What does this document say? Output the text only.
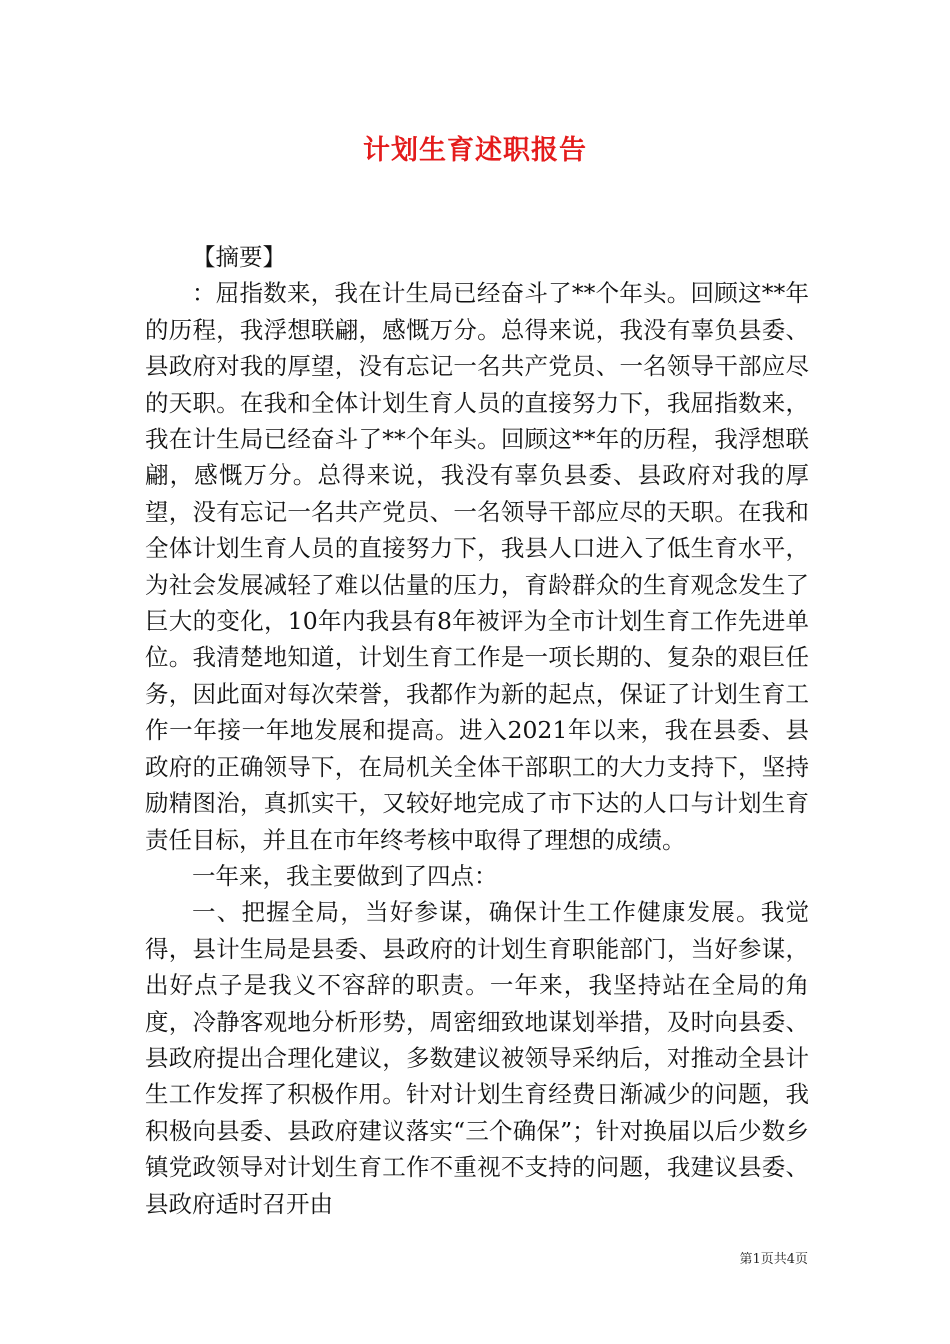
计划生育述职报告

【摘要】

：屈指数来，我在计生局已经奋斗了**个年头。回顾这**年的历程，我浮想联翩，感慨万分。总得来说，我没有辜负县委、县政府对我的厚望，没有忘记一名共产党员、一名领导干部应尽的天职。在我和全体计划生育人员的直接努力下，我屈指数来，我在计生局已经奋斗了**个年头。回顾这**年的历程，我浮想联翩，感慨万分。总得来说，我没有辜负县委、县政府对我的厚望，没有忘记一名共产党员、一名领导干部应尽的天职。在我和全体计划生育人员的直接努力下，我县人口进入了低生育水平，为社会发展减轻了难以估量的压力，育龄群众的生育观念发生了巨大的变化，10年内我县有8年被评为全市计划生育工作先进单位。我清楚地知道，计划生育工作是一项长期的、复杂的艰巨任务，因此面对每次荣誉，我都作为新的起点，保证了计划生育工作一年接一年地发展和提高。进入2021年以来，我在县委、县政府的正确领导下，在局机关全体干部职工的大力支持下，坚持励精图治，真抓实干，又较好地完成了市下达的人口与计划生育责任目标，并且在市年终考核中取得了理想的成绩。

一年来，我主要做到了四点：

一、把握全局，当好参谋，确保计生工作健康发展。我觉得，县计生局是县委、县政府的计划生育职能部门，当好参谋，出好点子是我义不容辞的职责。一年来，我坚持站在全局的角度，冷静客观地分析形势，周密细致地谋划举措，及时向县委、县政府提出合理化建议，多数建议被领导采纳后，对推动全县计生工作发挥了积极作用。针对计划生育经费日渐减少的问题，我积极向县委、县政府建议落实“三个确保”；针对换届以后少数乡镇党政领导对计划生育工作不重视不支持的问题，我建议县委、县政府适时召开由

第1页共4页
